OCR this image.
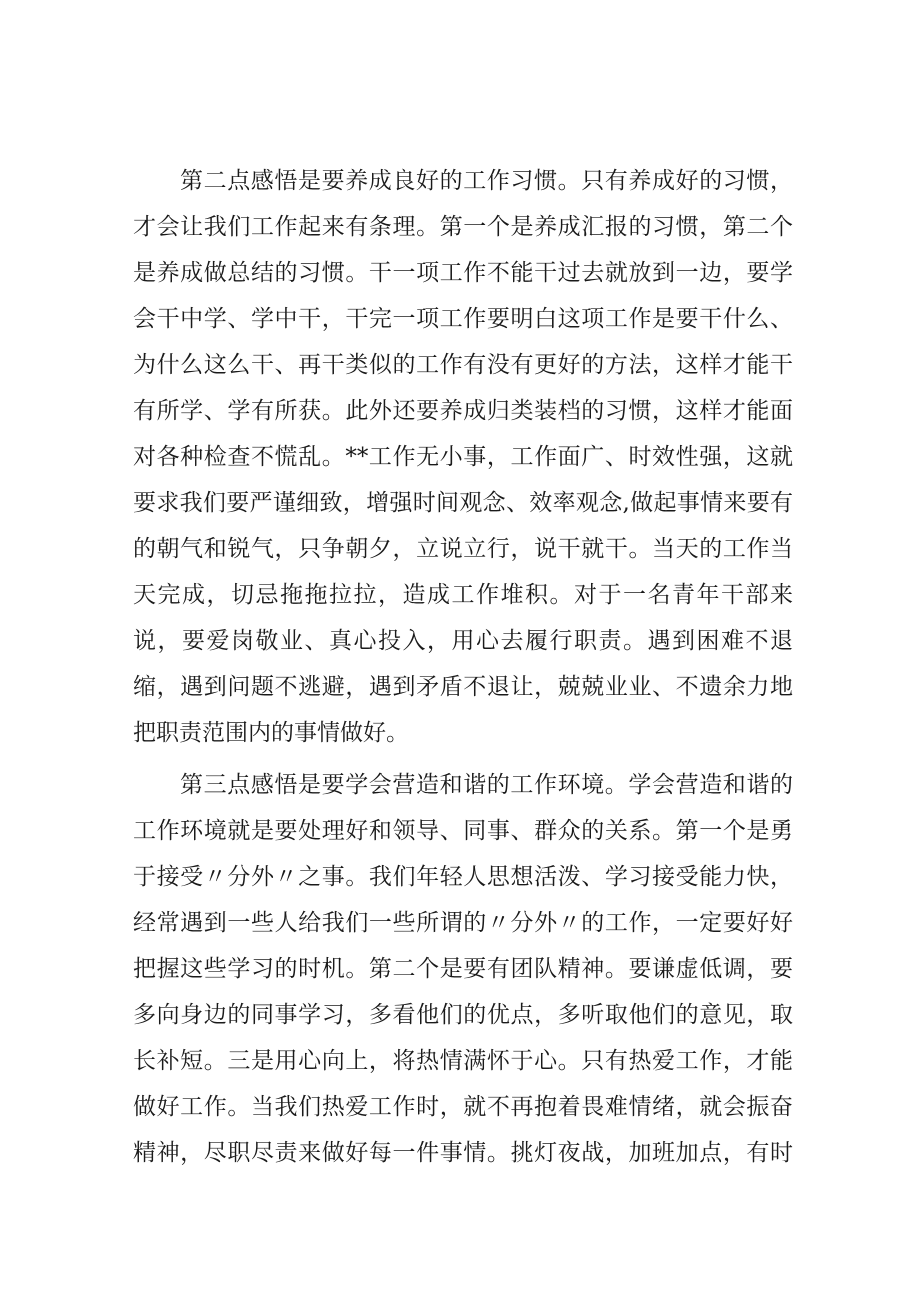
第二点感悟是要养成良好的工作习惯。只有养成好的习惯，
才会让我们工作起来有条理。第一个是养成汇报的习惯，第二个
是养成做总结的习惯。干一项工作不能干过去就放到一边，要学
会干中学、学中干，干完一项工作要明白这项工作是要干什么、
为什么这么干、再干类似的工作有没有更好的方法，这样才能干
有所学、学有所获。此外还要养成归类装档的习惯，这样才能面
对各种检查不慌乱。**工作无小事，工作面广、时效性强，这就
要求我们要严谨细致，增强时间观念、效率观念,做起事情来要有
的朝气和锐气，只争朝夕，立说立行，说干就干。当天的工作当
天完成，切忌拖拖拉拉，造成工作堆积。对于一名青年干部来
说，要爱岗敬业、真心投入，用心去履行职责。遇到困难不退
缩，遇到问题不逃避，遇到矛盾不退让，兢兢业业、不遗余力地
把职责范围内的事情做好。
第三点感悟是要学会营造和谐的工作环境。学会营造和谐的
工作环境就是要处理好和领导、同事、群众的关系。第一个是勇
于接受〃分外〃之事。我们年轻人思想活泼、学习接受能力快，
经常遇到一些人给我们一些所谓的〃分外〃的工作，一定要好好
把握这些学习的时机。第二个是要有团队精神。要谦虚低调，要
多向身边的同事学习，多看他们的优点，多听取他们的意见，取
长补短。三是用心向上，将热情满怀于心。只有热爱工作，才能
做好工作。当我们热爱工作时，就不再抱着畏难情绪，就会振奋
精神，尽职尽责来做好每一件事情。挑灯夜战，加班加点，有时
